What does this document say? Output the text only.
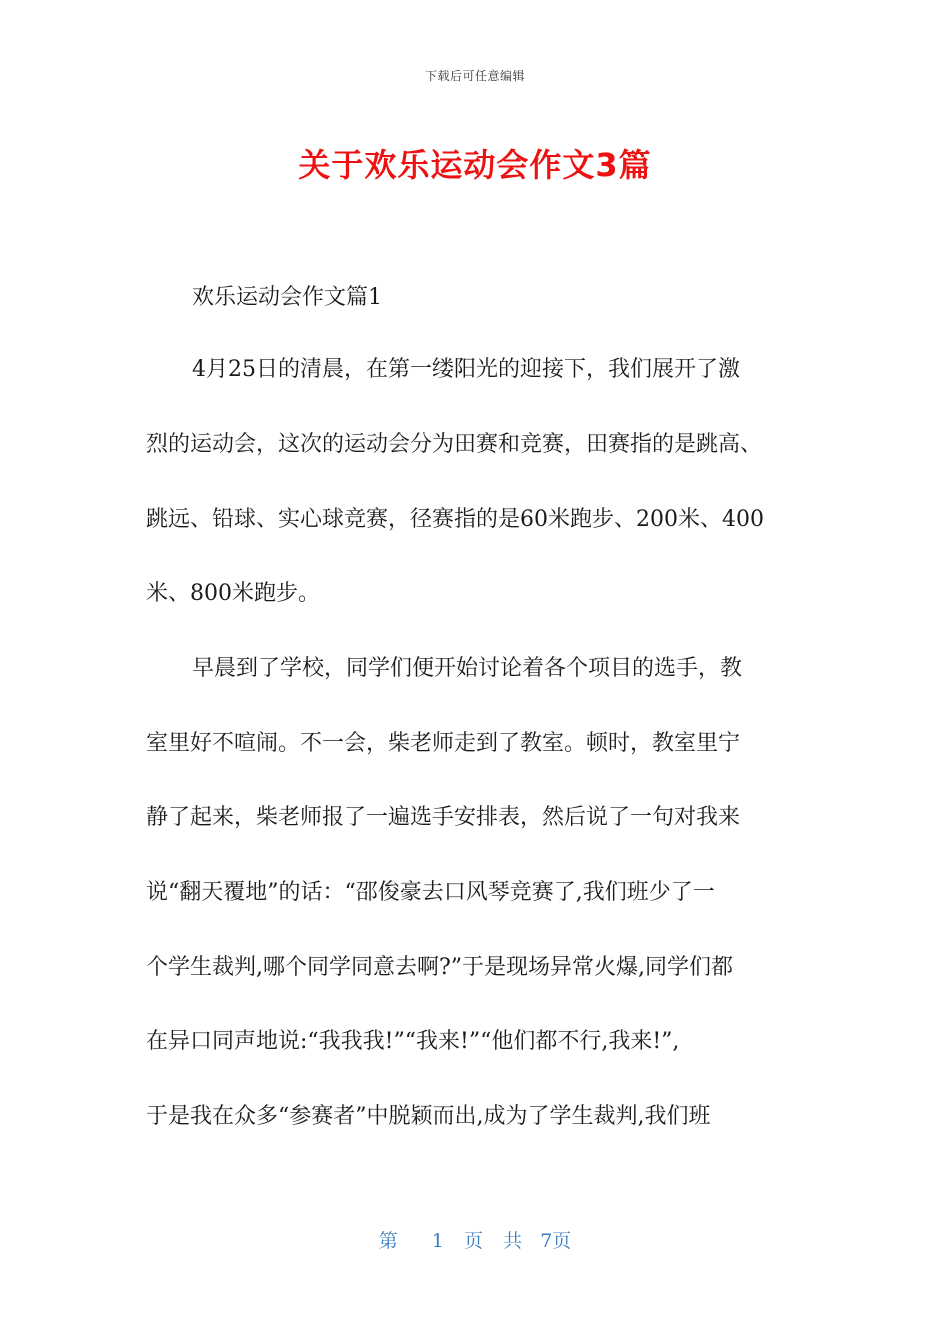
下载后可任意编辑
关于欢乐运动会作文3篇
欢乐运动会作文篇1
4月25日的清晨，在第一缕阳光的迎接下，我们展开了激
烈的运动会，这次的运动会分为田赛和竞赛，田赛指的是跳高、
跳远、铅球、实心球竞赛，径赛指的是60米跑步、200米、400
米、800米跑步。
早晨到了学校，同学们便开始讨论着各个项目的选手，教
室里好不喧闹。不一会，柴老师走到了教室。顿时，教室里宁
静了起来，柴老师报了一遍选手安排表，然后说了一句对我来
说“翻天覆地”的话：“邵俊豪去口风琴竞赛了,我们班少了一
个学生裁判,哪个同学同意去啊?”于是现场异常火爆,同学们都
在异口同声地说:“我我我!”“我来!”“他们都不行,我来!”,
于是我在众多“参赛者”中脱颖而出,成为了学生裁判,我们班
第 1 页 共 7页
